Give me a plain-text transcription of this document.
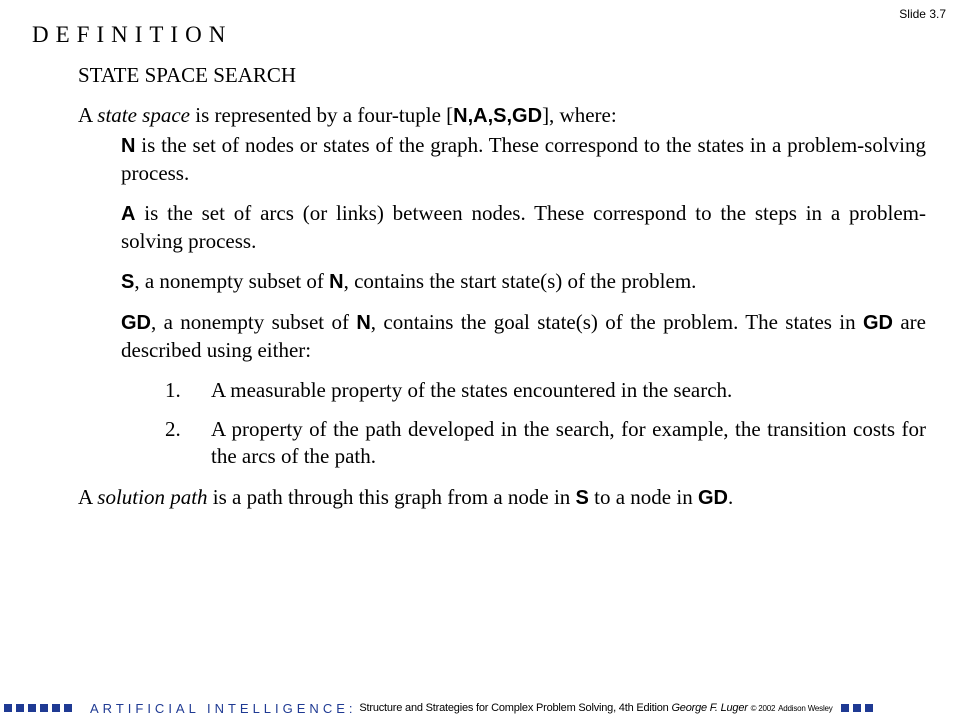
Slide 3.7
DEFINITION

STATE SPACE SEARCH

A state space is represented by a four-tuple [N,A,S,GD], where:

N is the set of nodes or states of the graph. These correspond to the states in a problem-solving process.

A is the set of arcs (or links) between nodes. These correspond to the steps in a problem-solving process.

S, a nonempty subset of N, contains the start state(s) of the problem.

GD, a nonempty subset of N, contains the goal state(s) of the problem. The states in GD are described using either:

1.	A measurable property of the states encountered in the search.
2.	A property of the path developed in the search, for example, the transition costs for the arcs of the path.

A solution path is a path through this graph from a node in S to a node in GD.

ARTIFICIAL INTELLIGENCE: Structure and Strategies for Complex Problem Solving, 4th Edition George F. Luger © 2002 Addison Wesley
